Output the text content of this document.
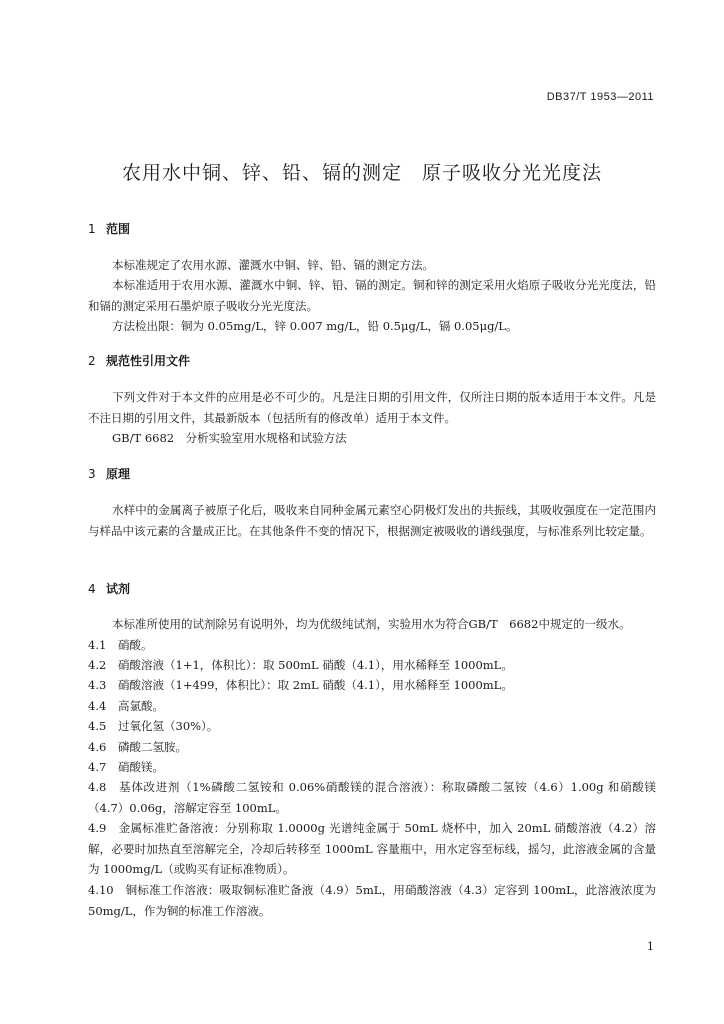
DB37/T 1953—2011
农用水中铜、锌、铅、镉的测定　原子吸收分光光度法
1 范围
本标准规定了农用水源、灌溉水中铜、锌、铅、镉的测定方法。
本标准适用于农用水源、灌溉水中铜、锌、铅、镉的测定。铜和锌的测定采用火焰原子吸收分光光度法，铅和镉的测定采用石墨炉原子吸收分光光度法。
方法检出限：铜为 0.05mg/L，锌 0.007 mg/L，铅 0.5μg/L，镉 0.05μg/L。
2 规范性引用文件
下列文件对于本文件的应用是必不可少的。凡是注日期的引用文件，仅所注日期的版本适用于本文件。凡是不注日期的引用文件，其最新版本（包括所有的修改单）适用于本文件。
GB/T 6682　分析实验室用水规格和试验方法
3 原理
水样中的金属离子被原子化后，吸收来自同种金属元素空心阴极灯发出的共振线，其吸收强度在一定范围内与样品中该元素的含量成正比。在其他条件不变的情况下，根据测定被吸收的谱线强度，与标准系列比较定量。
4 试剂
本标准所使用的试剂除另有说明外，均为优级纯试剂，实验用水为符合GB/T　6682中规定的一级水。
4.1 硝酸。
4.2 硝酸溶液（1+1，体积比）：取 500mL 硝酸（4.1），用水稀释至 1000mL。
4.3 硝酸溶液（1+499，体积比）：取 2mL 硝酸（4.1），用水稀释至 1000mL。
4.4 高氯酸。
4.5 过氧化氢（30%）。
4.6 磷酸二氢胺。
4.7 硝酸镁。
4.8　基体改进剂（1%磷酸二氢铵和 0.06%硝酸镁的混合溶液）：称取磷酸二氢铵（4.6）1.00g 和硝酸镁（4.7）0.06g，溶解定容至 100mL。
4.9　金属标准贮备溶液：分别称取 1.0000g 光谱纯金属于 50mL 烧杯中，加入 20mL 硝酸溶液（4.2）溶解，必要时加热直至溶解完全，冷却后转移至 1000mL 容量瓶中，用水定容至标线，摇匀，此溶液金属的含量为 1000mg/L（或购买有证标准物质）。
4.10　铜标准工作溶液：吸取铜标准贮备液（4.9）5mL，用硝酸溶液（4.3）定容到 100mL，此溶液浓度为 50mg/L，作为铜的标准工作溶液。
1
